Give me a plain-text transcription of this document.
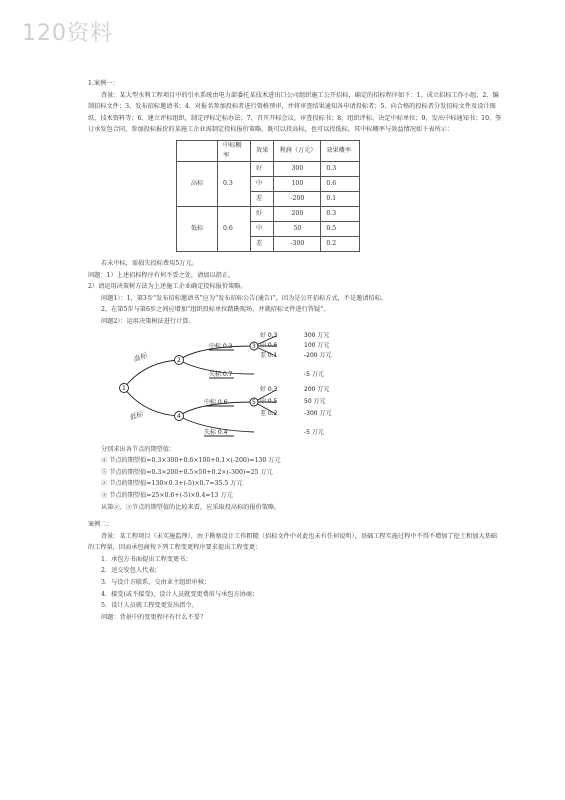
120资料

1.案例一：

背景：某大型水利工程项目中的引水系统由电力部委托某技术进出口公司组织施工公开招标，确定的招标程序如下：1、成立招标工作小组；2、编制招标文件；3、发布招标邀请书；4、对报名参加投标者进行资格预审，并将审查结果通知各申请投标者；5、向合格的投标者分发招标文件及设计图纸、技术资料等；6、建立评标组织，制定评标定标办法；7、召开开标会议，审查投标书；8、组织评标，决定中标单位；9、发出中标通知书；10、签订承发包合同，参加投标报价的某施工企业需制定投标报价策略。既可以投高标，也可以投低标，其中标概率与效益情况如下表所示：

	中标概率	效果	利润（万元）	效果概率
高标	0.3	好	300	0.3
		中	100	0.6
		差	-200	0.1
低标	0.6	好	200	0.3
		中	50	0.5
		差	-300	0.2

若未中标，需损失投标费用5万元。

问题：1）上述招标程序有何不妥之处，请加以指正。

2）请运用决策树方法为上述施工企业确定投标报价策略。

问题1）：1，第3步“发布招标邀请书”应为“发布招标公告(通告)”，因为是公开招标方式，不是邀请招标。

2、在第5步与第6步之间应增加“组织投标单位踏勘现场，并就招标文件进行答疑”。

问题2）：运用决策树法进行计算。

1
2
4
3
5
高标
低标
中标 0.3
失标 0.7
中标 0.6
失标 0.4
好 0.3	300 万元
中 0.6	100 万元
差 0.1	-200 万元
-5 万元
好 0.3	200 万元
中 0.5	50 万元
差 0.2	-300 万元
-5 万元

分别求出各节点的期望值：

④ 节点的期望值=0.3×300+0.6×100+0.1×(-200)=130 万元

⑤ 节点的期望值=0.3×200+0.5×50+0.2×(-300)=25 万元

② 节点的期望值=130×0.3+(-5)×0.7=35.5 万元

③ 节点的期望值=25×0.6+(-5)×0.4=13 万元

从第②、③节点的期望值的比较来看，应采取投高标的报价策略。

案例二：

背景：某工程项目（未实施监理），由于勘察设计工作粗糙（招标文件中对此也未有任何说明），基础工程实施过程中不得不增加了挖土和加大基础的工程量，因而承包商按下列工程变更程序要求提出工程变更：

1．承包方书面提出工程变更书；

2．送交发包人代表；

3．与设计方联系，交由业主组织审核；

4．接受(或不接受)，设计人员就变更费用与承包方协商；

5．设计人员就工程变更发出指令。

问题：背景中的变更程序有什么不妥？
